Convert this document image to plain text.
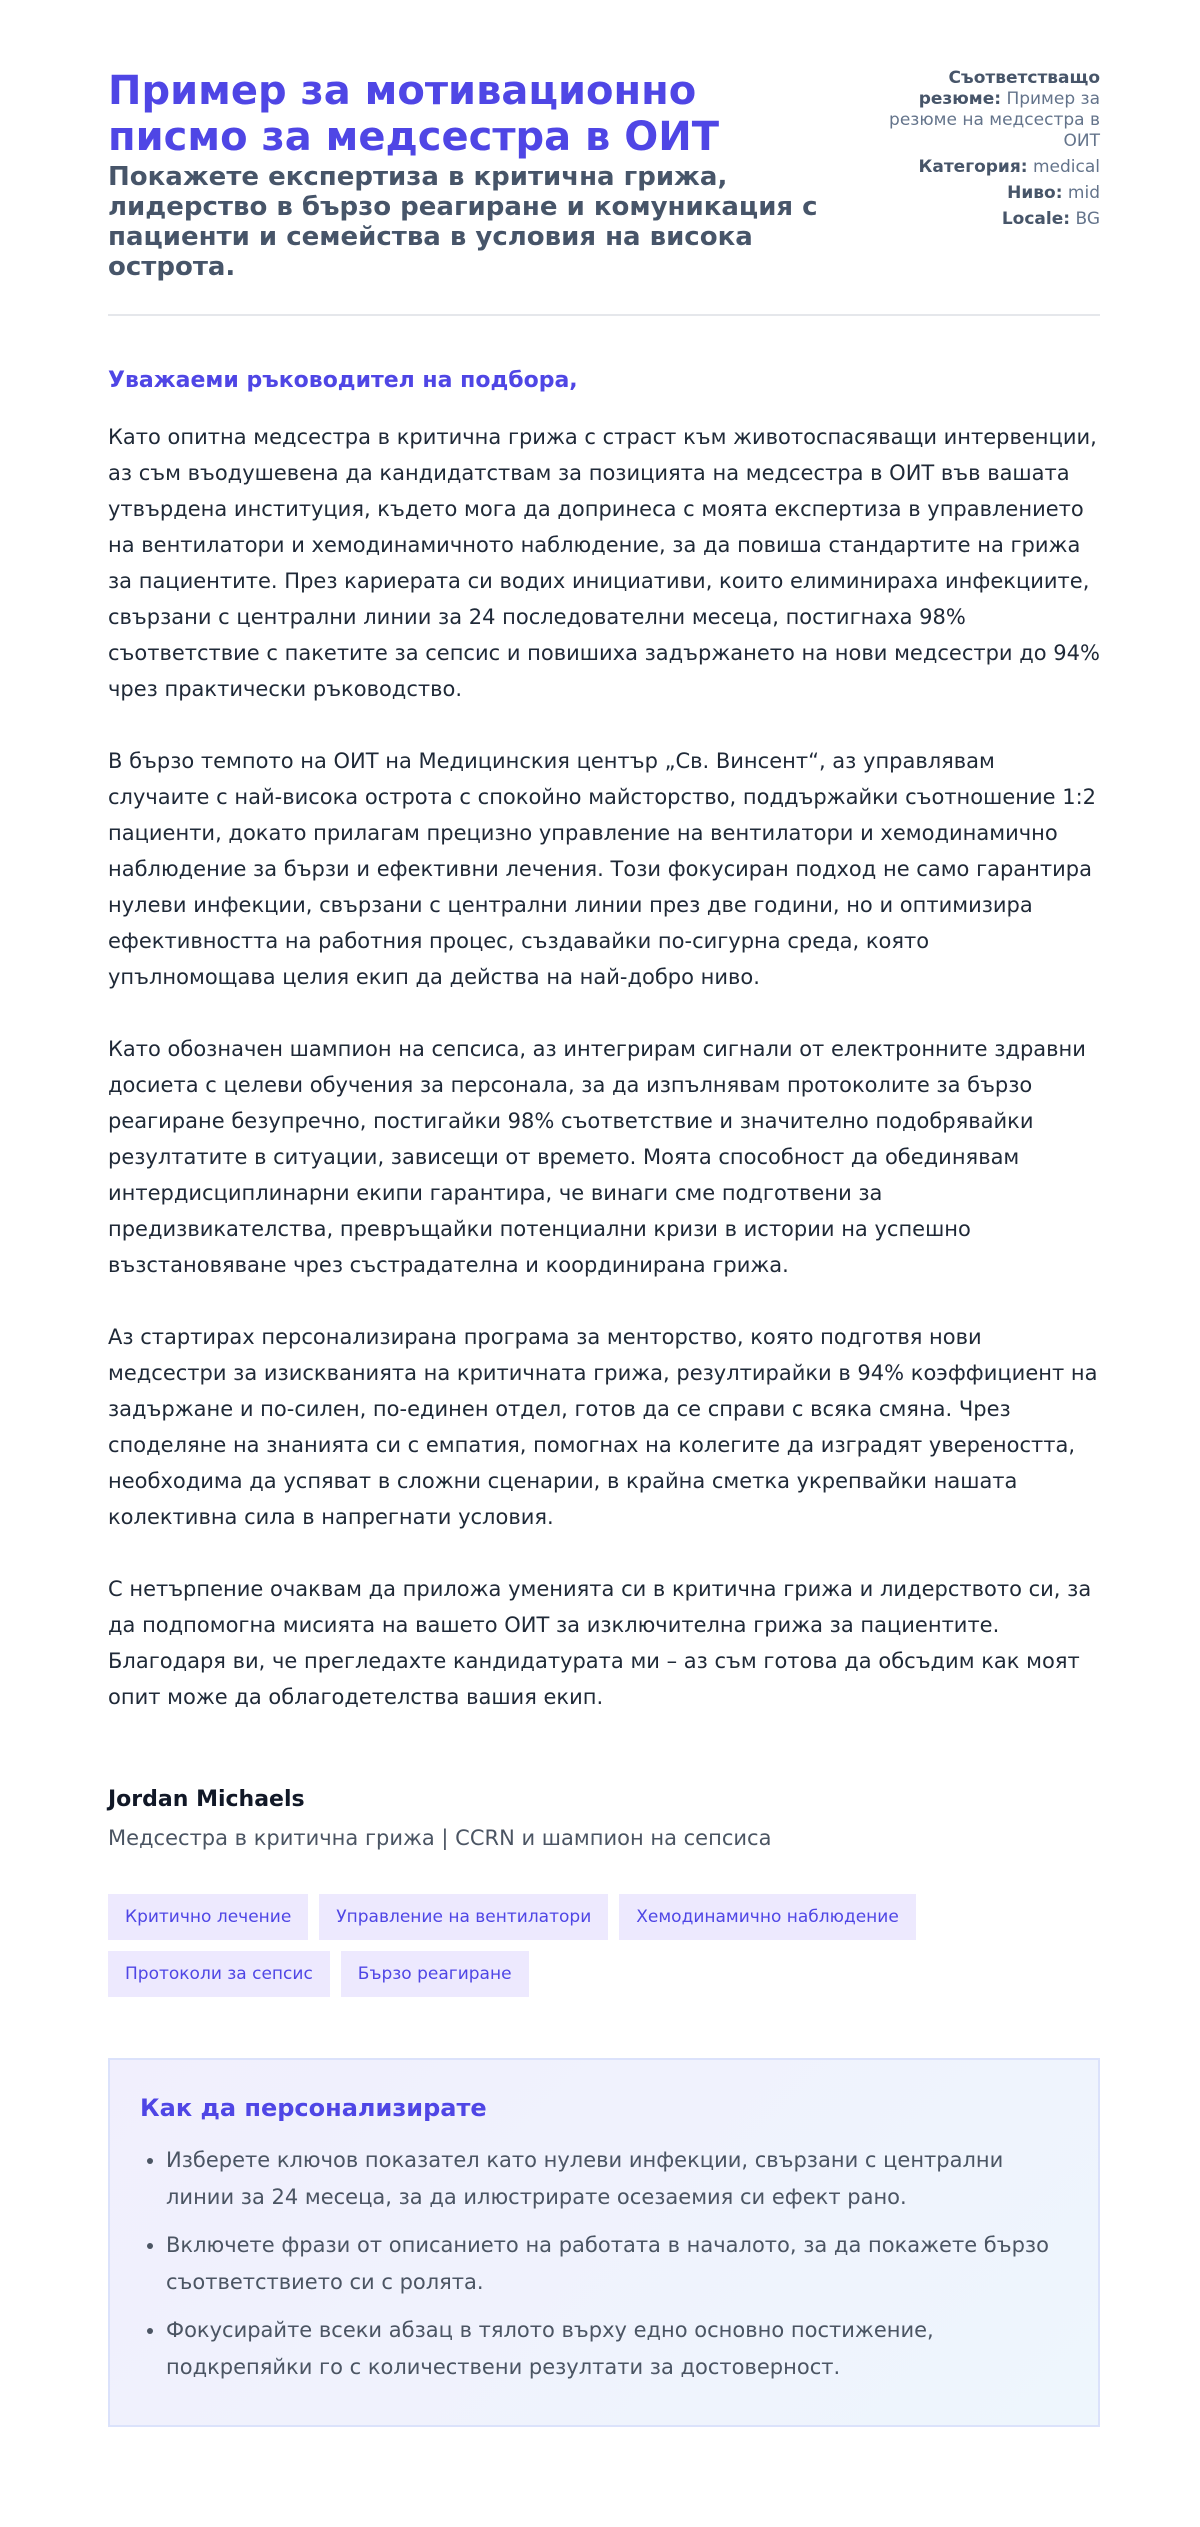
Пример за мотивационно писмо за медсестра в ОИТ
Покажете експертиза в критична грижа, лидерство в бързо реагиране и комуникация с пациенти и семейства в условия на висока острота.
Съответстващо резюме: Пример за резюме на медсестра в ОИТ
Категория: medical
Ниво: mid
Locale: BG
Уважаеми ръководител на подбора,

Като опитна медсестра в критична грижа с страст към животоспасяващи интервенции, аз съм въодушевена да кандидатствам за позицията на медсестра в ОИТ във вашата утвърдена институция, където мога да допринеса с моята експертиза в управлението на вентилатори и хемодинамичното наблюдение, за да повиша стандартите на грижа за пациентите. През кариерата си водих инициативи, които елиминираха инфекциите, свързани с централни линии за 24 последователни месеца, постигнаха 98% съответствие с пакетите за сепсис и повишиха задържането на нови медсестри до 94% чрез практически ръководство.

В бързо темпото на ОИТ на Медицинския център „Св. Винсент“, аз управлявам случаите с най-висока острота с спокойно майсторство, поддържайки съотношение 1:2 пациенти, докато прилагам прецизно управление на вентилатори и хемодинамично наблюдение за бързи и ефективни лечения. Този фокусиран подход не само гарантира нулеви инфекции, свързани с централни линии през две години, но и оптимизира ефективността на работния процес, създавайки по-сигурна среда, която упълномощава целия екип да действа на най-добро ниво.

Като обозначен шампион на сепсиса, аз интегрирам сигнали от електронните здравни досиета с целеви обучения за персонала, за да изпълнявам протоколите за бързо реагиране безупречно, постигайки 98% съответствие и значително подобрявайки резултатите в ситуации, зависещи от времето. Моята способност да обединявам интердисциплинарни екипи гарантира, че винаги сме подготвени за предизвикателства, превръщайки потенциални кризи в истории на успешно възстановяване чрез състрадателна и координирана грижа.

Аз стартирах персонализирана програма за менторство, която подготвя нови медсестри за изискванията на критичната грижа, резултирайки в 94% коэффициент на задържане и по-силен, по-единен отдел, готов да се справи с всяка смяна. Чрез споделяне на знанията си с емпатия, помогнах на колегите да изградят увереността, необходима да успяват в сложни сценарии, в крайна сметка укрепвайки нашата колективна сила в напрегнати условия.

С нетърпение очаквам да приложа уменията си в критична грижа и лидерството си, за да подпомогна мисията на вашето ОИТ за изключителна грижа за пациентите. Благодаря ви, че прегледахте кандидатурата ми – аз съм готова да обсъдим как моят опит може да облагодетелства вашия екип.

Jordan Michaels
Медсестра в критична грижа | CCRN и шампион на сепсиса
Критично лечение	Управление на вентилатори	Хемодинамично наблюдение
Протоколи за сепсис	Бързо реагиране
Как да персонализирате
• Изберете ключов показател като нулеви инфекции, свързани с централни линии за 24 месеца, за да илюстрирате осезаемия си ефект рано.
• Включете фрази от описанието на работата в началото, за да покажете бързо съответствието си с ролята.
• Фокусирайте всеки абзац в тялото върху едно основно постижение, подкрепяйки го с количествени резултати за достоверност.
